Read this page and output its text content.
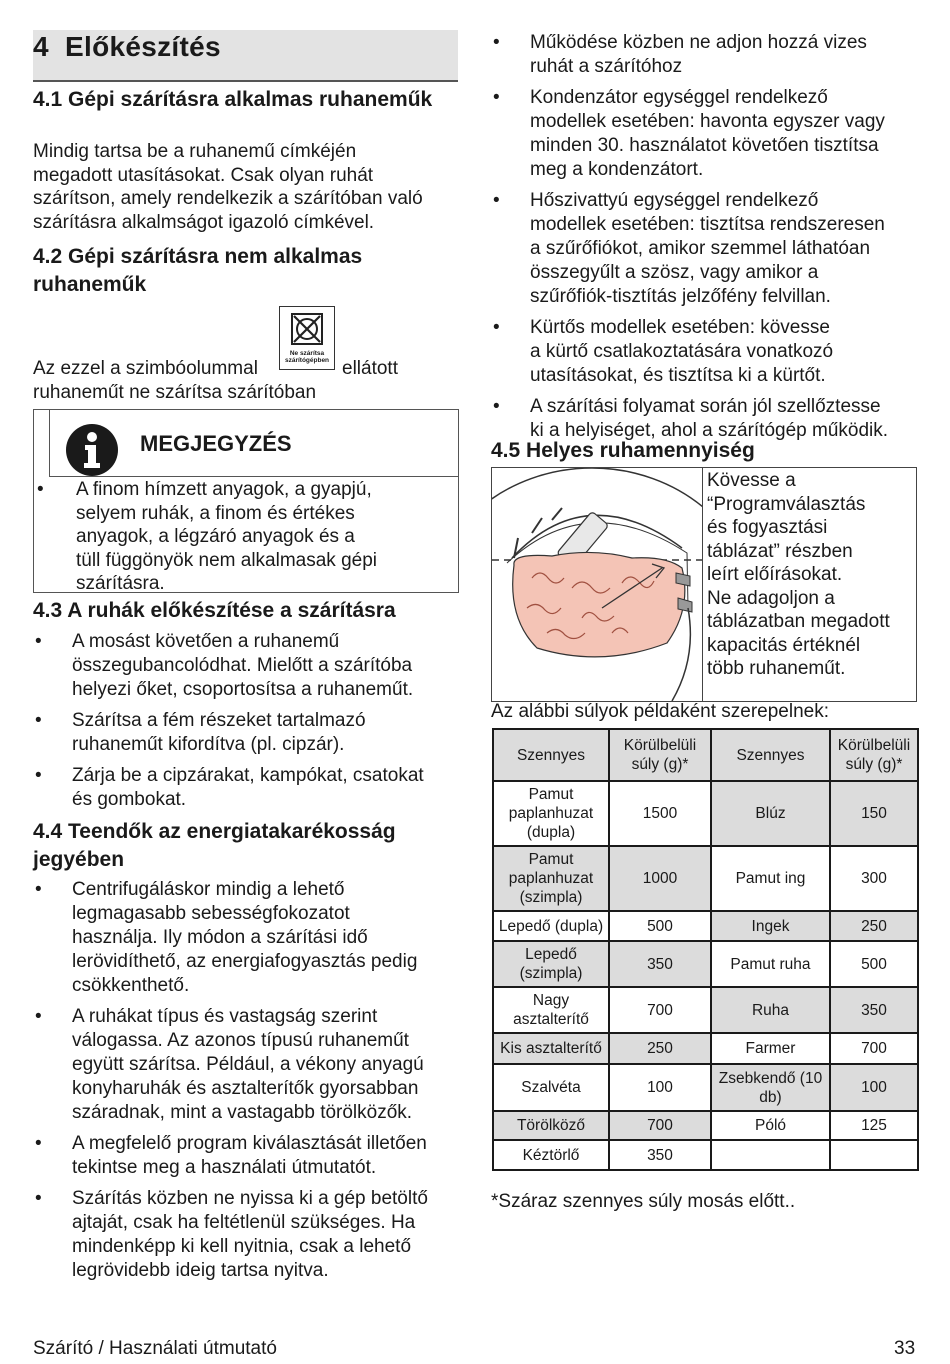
4 Előkészítés
4.1 Gépi szárításra alkalmas ruhaneműk
Mindig tartsa be a ruhanemű címkéjén
megadott utasításokat. Csak olyan ruhát
szárítson, amely rendelkezik a szárítóban való
szárításra alkalmságot igazoló címkével.
4.2 Gépi szárításra nem alkalmas
ruhaneműk
Ne szárítsa
szárítógépben
Az ezzel a szimbóolummal	ellátott
ruhaneműt ne szárítsa szárítóban
MEGJEGYZÉS
• A finom hímzett anyagok, a gyapjú,
selyem ruhák, a finom és értékes
anyagok, a légzáró anyagok és a
tüll függönyök nem alkalmasak gépi
szárításra.
4.3 A ruhák előkészítése a szárításra
• A mosást követően a ruhanemű
összegubancolódhat. Mielőtt a szárítóba
helyezi őket, csoportosítsa a ruhaneműt.
• Szárítsa a fém részeket tartalmazó
ruhaneműt kifordítva (pl. cipzár).
• Zárja be a cipzárakat, kampókat, csatokat
és gombokat.
4.4 Teendők az energiatakarékosság
jegyében
• Centrifugáláskor mindig a lehető
legmagasabb sebességfokozatot
használja. Ily módon a szárítási idő
lerövidíthető, az energiafogyasztás pedig
csökkenthető.
• A ruhákat típus és vastagság szerint
válogassa. Az azonos típusú ruhaneműt
együtt szárítsa. Például, a vékony anyagú
konyharuhák és asztalterítők gyorsabban
száradnak, mint a vastagabb törölközők.
• A megfelelő program kiválasztását illetően
tekintse meg a használati útmutatót.
• Szárítás közben ne nyissa ki a gép betöltő
ajtaját, csak ha feltétlenül szükséges. Ha
mindenképp ki kell nyitnia, csak a lehető
legrövidebb ideig tartsa nyitva.
• Működése közben ne adjon hozzá vizes
ruhát a szárítóhoz
• Kondenzátor egységgel rendelkező
modellek esetében: havonta egyszer vagy
minden 30. használatot követően tisztítsa
meg a kondenzátort.
• Hőszivattyú egységgel rendelkező
modellek esetében: tisztítsa rendszeresen
a szűrőfiókot, amikor szemmel láthatóan
összegyűlt a szösz, vagy amikor a
szűrőfiók-tisztítás jelzőfény felvillan.
• Kürtős modellek esetében: kövesse
a kürtő csatlakoztatására vonatkozó
utasításokat, és tisztítsa ki a kürtőt.
• A szárítási folyamat során jól szellőztesse
ki a helyiséget, ahol a szárítógép működik.
4.5 Helyes ruhamennyiség
Kövesse a
“Programválasztás
és fogyasztási
táblázat” részben
leírt előírásokat.
Ne adagoljon a
táblázatban megadott
kapacitás értéknél
több ruhaneműt.
Az alábbi súlyok példaként szerepelnek:
Szennyes	Körülbelüli súly (g)*	Szennyes	Körülbelüli súly (g)*
Pamut paplanhuzat (dupla)	1500	Blúz	150
Pamut paplanhuzat (szimpla)	1000	Pamut ing	300
Lepedő (dupla)	500	Ingek	250
Lepedő (szimpla)	350	Pamut ruha	500
Nagy asztalterítő	700	Ruha	350
Kis asztalterítő	250	Farmer	700
Szalvéta	100	Zsebkendő (10 db)	100
Törölköző	700	Póló	125
Kéztörlő	350		
*Száraz szennyes súly mosás előtt..
Szárító / Használati útmutató	33
